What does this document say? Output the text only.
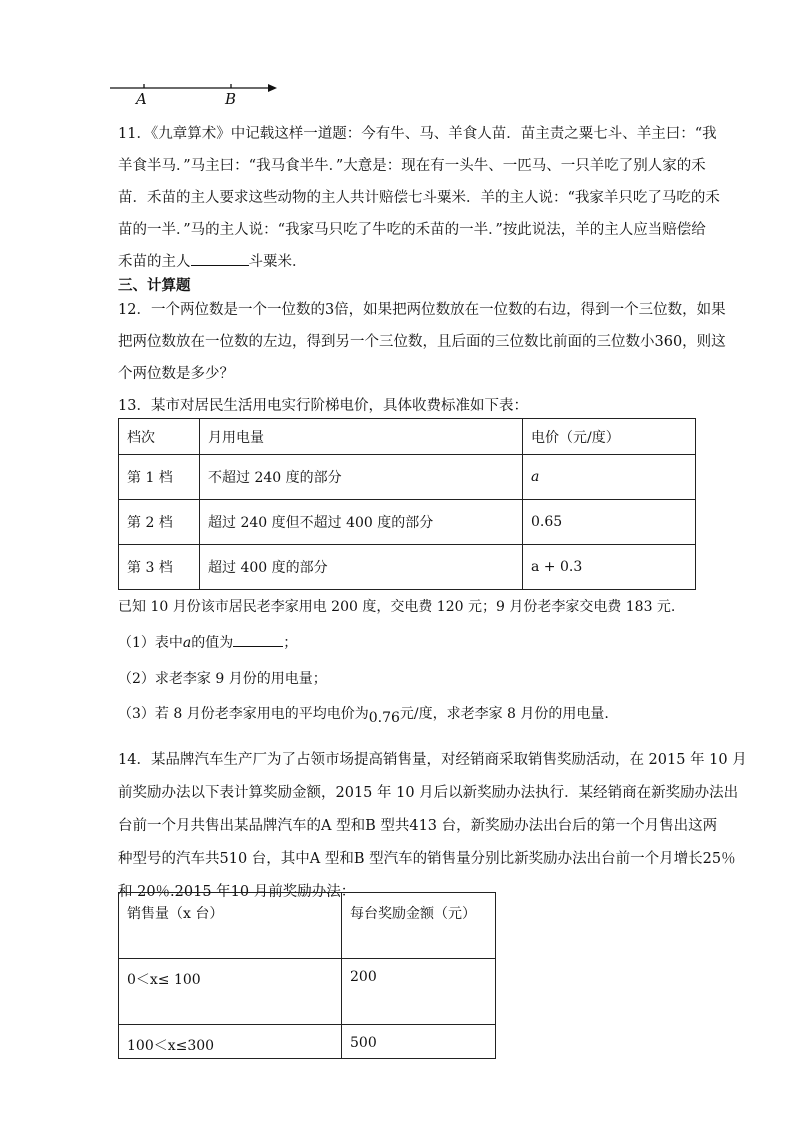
A	B
11．《九章算术》中记载这样一道题：今有牛、马、羊食人苗．苗主责之粟七斗、羊主曰：“我
羊食半马．”马主曰：“我马食半牛．”大意是：现在有一头牛、一匹马、一只羊吃了别人家的禾
苗．禾苗的主人要求这些动物的主人共计赔偿七斗粟米．羊的主人说：“我家羊只吃了马吃的禾
苗的一半．”马的主人说：“我家马只吃了牛吃的禾苗的一半．”按此说法，羊的主人应当赔偿给
禾苗的主人	斗粟米．
三、计算题
12．一个两位数是一个一位数的3倍，如果把两位数放在一位数的右边，得到一个三位数，如果
把两位数放在一位数的左边，得到另一个三位数，且后面的三位数比前面的三位数小360，则这
个两位数是多少？
13．某市对居民生活用电实行阶梯电价，具体收费标准如下表：
档次	月用电量	电价（元/度）
第 1 档	不超过 240 度的部分	a
第 2 档	超过 240 度但不超过 400 度的部分	0.65
第 3 档	超过 400 度的部分	a + 0.3
已知 10 月份该市居民老李家用电 200 度，交电费 120 元；9 月份老李家交电费 183 元.
（1）表中a的值为	；
（2）求老李家 9 月份的用电量；
（3）若 8 月份老李家用电的平均电价为0.76元/度，求老李家 8 月份的用电量.
14．某品牌汽车生产厂为了占领市场提高销售量，对经销商采取销售奖励活动，在 2015 年 10 月
前奖励办法以下表计算奖励金额，2015 年 10 月后以新奖励办法执行．某经销商在新奖励办法出
台前一个月共售出某品牌汽车的A 型和B 型共413 台，新奖励办法出台后的第一个月售出这两
种型号的汽车共510 台，其中A 型和B 型汽车的销售量分别比新奖励办法出台前一个月增长25％
和 20％.2015 年10 月前奖励办法：
销售量（x 台）	每台奖励金额（元）
0＜x≤ 100	200
100＜x≤300	500
